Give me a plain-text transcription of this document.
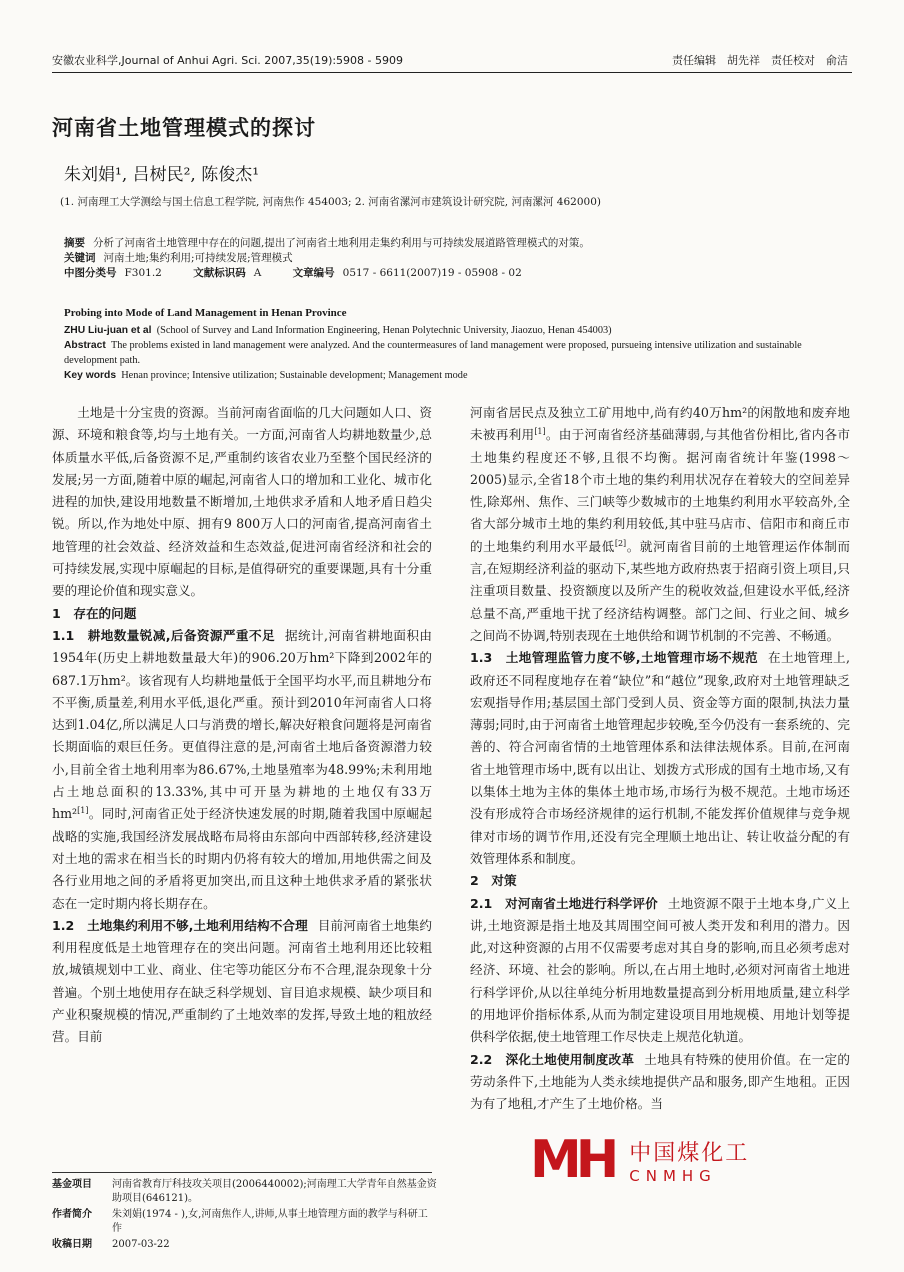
安徽农业科学,Journal of Anhui Agri. Sci. 2007,35(19):5908 - 5909	责任编辑　胡先祥　责任校对　俞洁
河南省土地管理模式的探讨
朱刘娟¹, 吕树民², 陈俊杰¹
(1. 河南理工大学测绘与国土信息工程学院, 河南焦作 454003; 2. 河南省漯河市建筑设计研究院, 河南漯河 462000)
摘要 分析了河南省土地管理中存在的问题,提出了河南省土地利用走集约利用与可持续发展道路管理模式的对策。
关键词 河南土地;集约利用;可持续发展;管理模式
中图分类号 F301.2	文献标识码 A	文章编号 0517 - 6611(2007)19 - 05908 - 02
Probing into Mode of Land Management in Henan Province
ZHU Liu-juan et al (School of Survey and Land Information Engineering, Henan Polytechnic University, Jiaozuo, Henan 454003)
Abstract The problems existed in land management were analyzed. And the countermeasures of land management were proposed, pursueing intensive utilization and sustainable development path.
Key words Henan province; Intensive utilization; Sustainable development; Management mode

土地是十分宝贵的资源。当前河南省面临的几大问题如人口、资源、环境和粮食等,均与土地有关。一方面,河南省人均耕地数量少,总体质量水平低,后备资源不足,严重制约该省农业乃至整个国民经济的发展;另一方面,随着中原的崛起,河南省人口的增加和工业化、城市化进程的加快,建设用地数量不断增加,土地供求矛盾和人地矛盾日趋尖锐。所以,作为地处中原、拥有9 800万人口的河南省,提高河南省土地管理的社会效益、经济效益和生态效益,促进河南省经济和社会的可持续发展,实现中原崛起的目标,是值得研究的重要课题,具有十分重要的理论价值和现实意义。

1　存在的问题

1.1　耕地数量锐减,后备资源严重不足 据统计,河南省耕地面积由1954年(历史上耕地数量最大年)的906.20万hm²下降到2002年的687.1万hm²。该省现有人均耕地量低于全国平均水平,而且耕地分布不平衡,质量差,利用水平低,退化严重。预计到2010年河南省人口将达到1.04亿,所以满足人口与消费的增长,解决好粮食问题将是河南省长期面临的艰巨任务。更值得注意的是,河南省土地后备资源潜力较小,目前全省土地利用率为86.67%,土地垦殖率为48.99%;未利用地占土地总面积的13.33%,其中可开垦为耕地的土地仅有33万hm²[1]。同时,河南省正处于经济快速发展的时期,随着我国中原崛起战略的实施,我国经济发展战略布局将由东部向中西部转移,经济建设对土地的需求在相当长的时期内仍将有较大的增加,用地供需之间及各行业用地之间的矛盾将更加突出,而且这种土地供求矛盾的紧张状态在一定时期内将长期存在。

1.2　土地集约利用不够,土地利用结构不合理 目前河南省土地集约利用程度低是土地管理存在的突出问题。河南省土地利用还比较粗放,城镇规划中工业、商业、住宅等功能区分布不合理,混杂现象十分普遍。个别土地使用存在缺乏科学规划、盲目追求规模、缺少项目和产业积聚规模的情况,严重制约了土地效率的发挥,导致土地的粗放经营。目前

河南省居民点及独立工矿用地中,尚有约40万hm²的闲散地和废弃地未被再利用[1]。由于河南省经济基础薄弱,与其他省份相比,省内各市土地集约程度还不够,且很不均衡。据河南省统计年鉴(1998～2005)显示,全省18个市土地的集约利用状况存在着较大的空间差异性,除郑州、焦作、三门峡等少数城市的土地集约利用水平较高外,全省大部分城市土地的集约利用较低,其中驻马店市、信阳市和商丘市的土地集约利用水平最低[2]。就河南省目前的土地管理运作体制而言,在短期经济利益的驱动下,某些地方政府热衷于招商引资上项目,只注重项目数量、投资额度以及所产生的税收效益,但建设水平低,经济总量不高,严重地干扰了经济结构调整。部门之间、行业之间、城乡之间尚不协调,特别表现在土地供给和调节机制的不完善、不畅通。

1.3　土地管理监管力度不够,土地管理市场不规范 在土地管理上,政府还不同程度地存在着“缺位”和“越位”现象,政府对土地管理缺乏宏观指导作用;基层国土部门受到人员、资金等方面的限制,执法力量薄弱;同时,由于河南省土地管理起步较晚,至今仍没有一套系统的、完善的、符合河南省情的土地管理体系和法律法规体系。目前,在河南省土地管理市场中,既有以出让、划拨方式形成的国有土地市场,又有以集体土地为主体的集体土地市场,市场行为极不规范。土地市场还没有形成符合市场经济规律的运行机制,不能发挥价值规律与竞争规律对市场的调节作用,还没有完全理顺土地出让、转让收益分配的有效管理体系和制度。

2　对策

2.1　对河南省土地进行科学评价 土地资源不限于土地本身,广义上讲,土地资源是指土地及其周围空间可被人类开发和利用的潜力。因此,对这种资源的占用不仅需要考虑对其自身的影响,而且必须考虑对经济、环境、社会的影响。所以,在占用土地时,必须对河南省土地进行科学评价,从以往单纯分析用地数量提高到分析用地质量,建立科学的用地评价指标体系,从而为制定建设项目用地规模、用地计划等提供科学依据,使土地管理工作尽快走上规范化轨道。

2.2　深化土地使用制度改革 土地具有特殊的使用价值。在一定的劳动条件下,土地能为人类永续地提供产品和服务,即产生地租。正因为有了地租,才产生了土地价格。当

基金项目	河南省教育厅科技攻关项目(2006440002);河南理工大学青年自然基金资助项目(646121)。
作者简介	朱刘娟(1974 - ),女,河南焦作人,讲师,从事土地管理方面的教学与科研工作
收稿日期	2007-03-22
MH 中国煤化工
CNMHG
